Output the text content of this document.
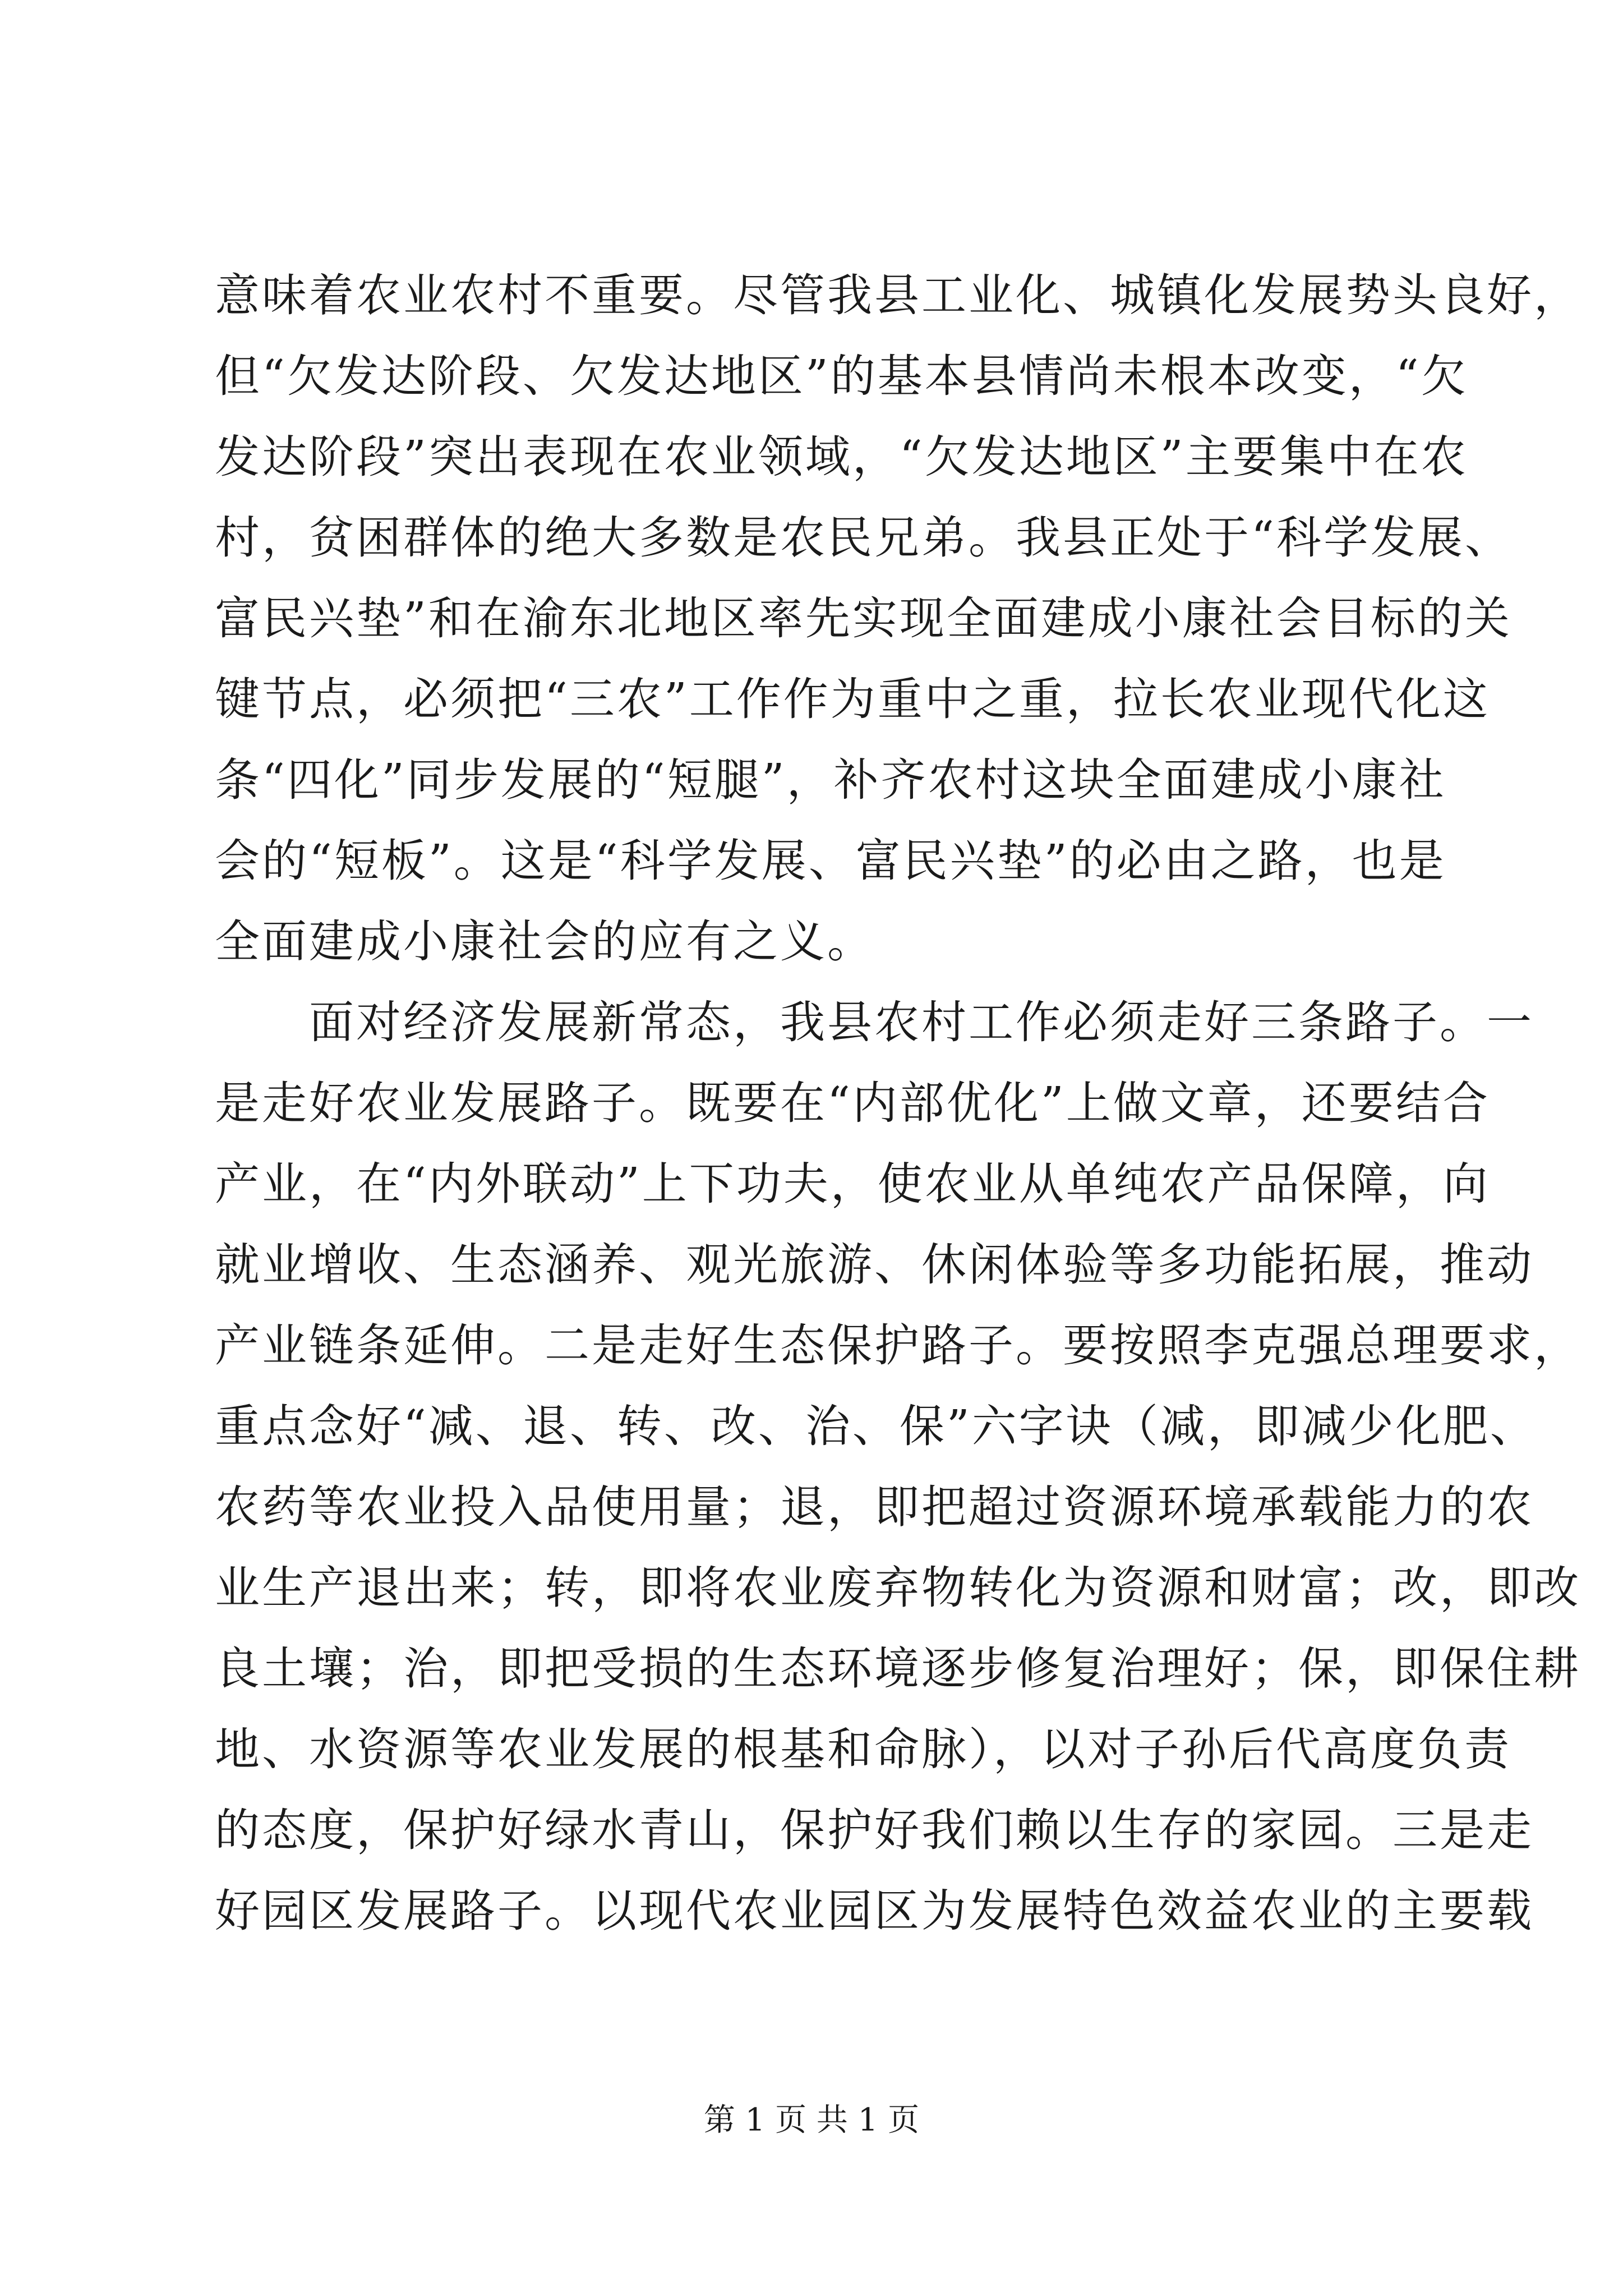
意味着农业农村不重要。尽管我县工业化、城镇化发展势头良好，
但“欠发达阶段、欠发达地区”的基本县情尚未根本改变，“欠
发达阶段”突出表现在农业领域，“欠发达地区”主要集中在农
村，贫困群体的绝大多数是农民兄弟。我县正处于“科学发展、
富民兴垫”和在渝东北地区率先实现全面建成小康社会目标的关
键节点，必须把“三农”工作作为重中之重，拉长农业现代化这
条“四化”同步发展的“短腿”，补齐农村这块全面建成小康社
会的“短板”。这是“科学发展、富民兴垫”的必由之路，也是
全面建成小康社会的应有之义。
　　面对经济发展新常态，我县农村工作必须走好三条路子。一
是走好农业发展路子。既要在“内部优化”上做文章，还要结合
产业，在“内外联动”上下功夫，使农业从单纯农产品保障，向
就业增收、生态涵养、观光旅游、休闲体验等多功能拓展，推动
产业链条延伸。二是走好生态保护路子。要按照李克强总理要求，
重点念好“减、退、转、改、治、保”六字诀（减，即减少化肥、
农药等农业投入品使用量；退，即把超过资源环境承载能力的农
业生产退出来；转，即将农业废弃物转化为资源和财富；改，即改
良土壤；治，即把受损的生态环境逐步修复治理好；保，即保住耕
地、水资源等农业发展的根基和命脉），以对子孙后代高度负责
的态度，保护好绿水青山，保护好我们赖以生存的家园。三是走
好园区发展路子。以现代农业园区为发展特色效益农业的主要载
第 1 页 共 1 页
